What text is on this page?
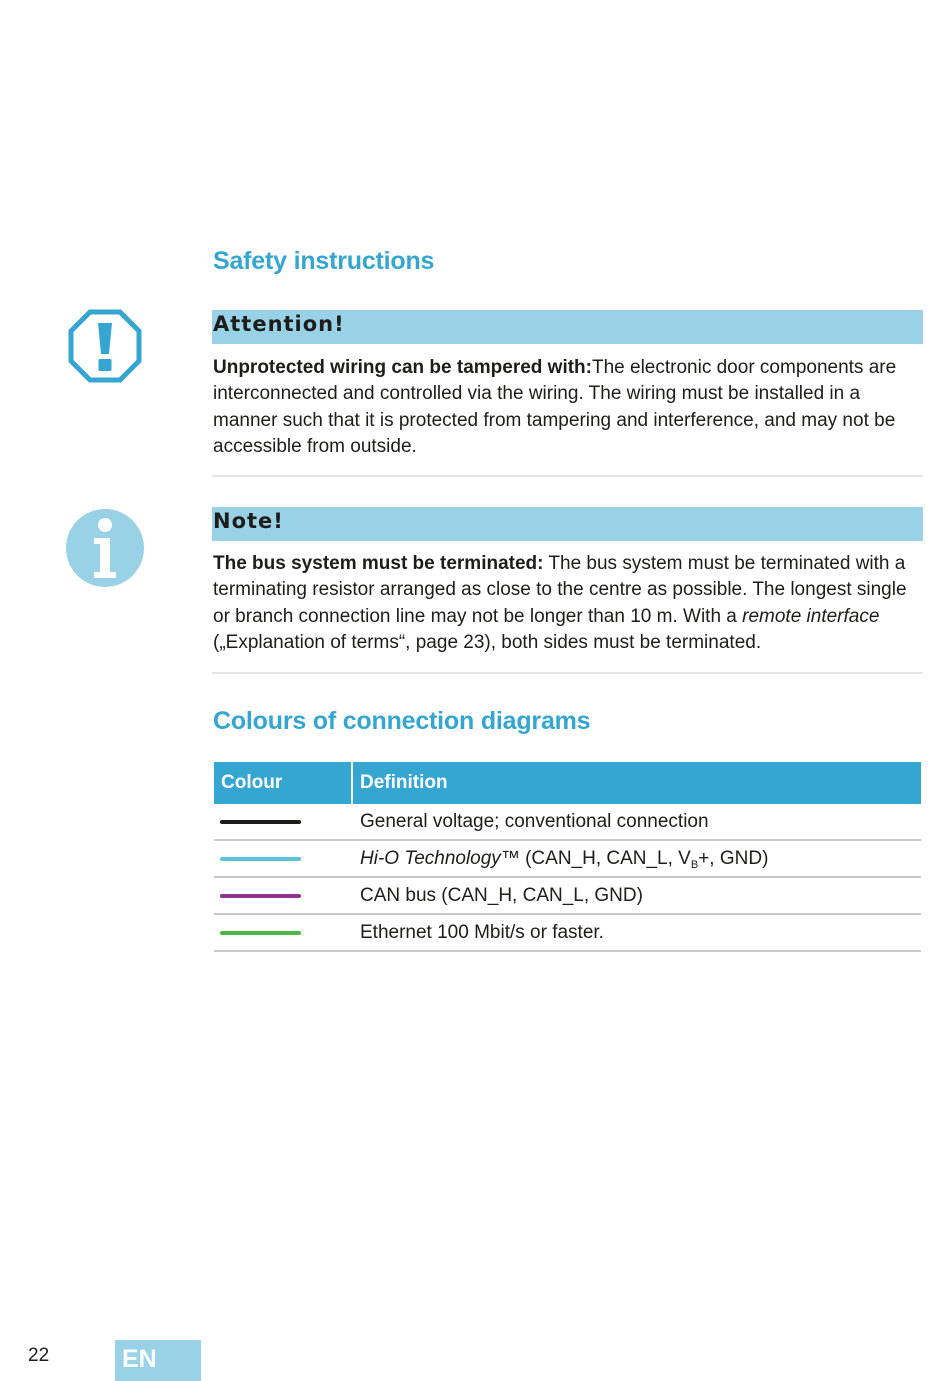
Safety instructions
Attention!

Unprotected wiring can be tampered with:The electronic door components are interconnected and controlled via the wiring. The wiring must be installed in a manner such that it is protected from tampering and interference, and may not be accessible from outside.

Note!

The bus system must be terminated: The bus system must be terminated with a terminating resistor arranged as close to the centre as possible. The longest single or branch connection line may not be longer than 10 m. With a remote interface („Explanation of terms“, page 23), both sides must be terminated.

Colours of connection diagrams
Colour	Definition
General voltage; conventional connection
Hi-O Technology™ (CAN_H, CAN_L, $V_B+$, GND)
CAN bus (CAN_H, CAN_L, GND)
Ethernet 100 Mbit/s or faster.
22	EN
